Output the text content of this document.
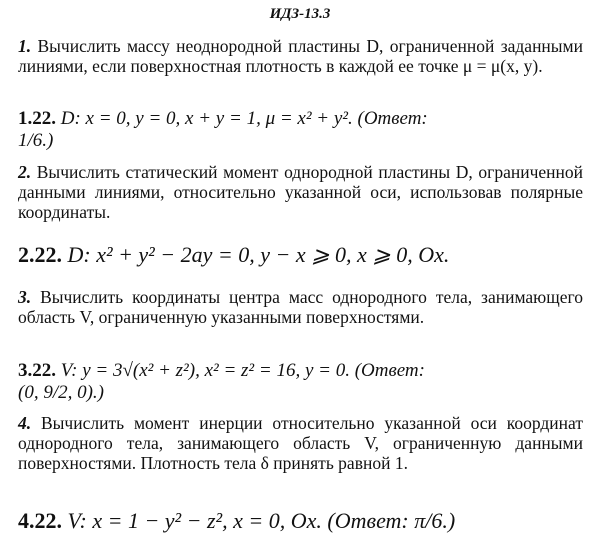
ИДЗ-13.3
1. Вычислить массу неоднородной пластины D, ограниченной заданными линиями, если поверхностная плотность в каждой ее точке μ = μ(x, y).
1.22. D: x = 0, y = 0, x + y = 1, μ = x² + y². (Ответ:
1/6.)
2. Вычислить статический момент однородной пластины D, ограниченной данными линиями, относительно указанной оси, использовав полярные координаты.
2.22. D: x² + y² − 2ay = 0, y − x ⩾ 0, x ⩾ 0, Ox.
3. Вычислить координаты центра масс однородного тела, занимающего область V, ограниченную указанными поверхностями.
3.22. V: y = 3√(x² + z²), x² = z² = 16, y = 0. (Ответ:
(0, 9/2, 0).)
4. Вычислить момент инерции относительно указанной оси координат однородного тела, занимающего область V, ограниченную данными поверхностями. Плотность тела δ принять равной 1.
4.22. V: x = 1 − y² − z², x = 0, Ox. (Ответ: π/6.)
